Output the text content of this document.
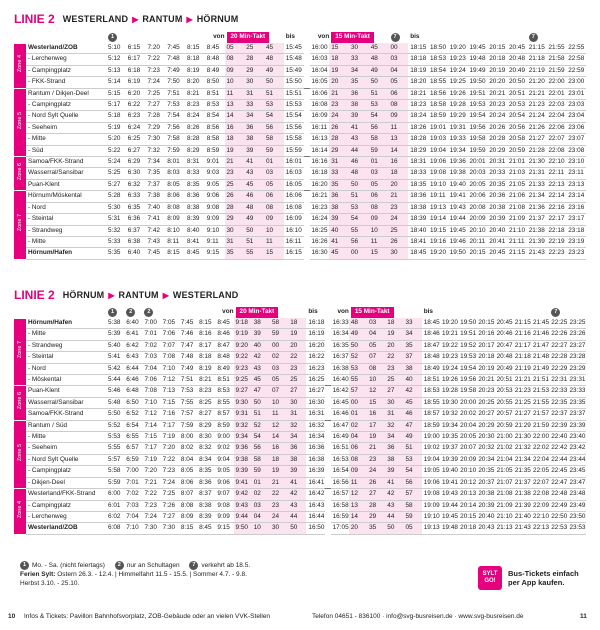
LINIE 2 WESTERLAND ▶ RANTUM ▶ HÖRNUM
		1					von	20 Min-Takt			bis		von	15 Min-Takt			7	bis						7		
Zone 4	Westerland/ZOB	5:10	6:15	7:20	7:45	8:15	8:45	05	25	45	15:45		16:00	15	30	45	00	18:15	18:50	19:20	19:45	20:15	20:45	21:15	21:55	22:55
	- Lerchenweg	5:12	6:17	7:22	7:48	8:18	8:48	08	28	48	15:48		16:03	18	33	48	03	18:18	18:53	19:23	19:48	20:18	20:48	21:18	21:58	22:58
	- Campingplatz	5:13	6:18	7:23	7:49	8:19	8:49	09	29	49	15:49		16:04	19	34	49	04	18:19	18:54	19:24	19:49	20:19	20:49	21:19	21:59	22:59
	- FKK-Strand	5:14	6:19	7:24	7:50	8:20	8:50	10	30	50	15:50		16:05	20	35	50	05	18:20	18:55	19:25	19:50	20:20	20:50	21:20	22:00	23:00
Zone 5	Rantum / Dikjen-Deel	5:15	6:20	7:25	7:51	8:21	8:51	11	31	51	15:51		16:06	21	36	51	06	18:21	18:56	19:26	19:51	20:21	20:51	21:21	22:01	23:01
	- Campingplatz	5:17	6:22	7:27	7:53	8:23	8:53	13	33	53	15:53		16:08	23	38	53	08	18:23	18:58	19:28	19:53	20:23	20:53	21:23	22:03	23:03
	- Nord Sylt Quelle	5:18	6:23	7:28	7:54	8:24	8:54	14	34	54	15:54		16:09	24	39	54	09	18:24	18:59	19:29	19:54	20:24	20:54	21:24	22:04	23:04
	- Seeheim	5:19	6:24	7:29	7:56	8:26	8:56	16	36	56	15:56		16:11	26	41	56	11	18:26	19:01	19:31	19:56	20:26	20:56	21:26	22:06	23:06
	- Mitte	5:20	6:25	7:30	7:58	8:28	8:58	18	38	58	15:58		16:13	28	43	58	13	18:28	19:03	19:33	19:58	20:28	20:58	21:27	22:07	23:07
	- Süd	5:22	6:27	7:32	7:59	8:29	8:59	19	39	59	15:59		16:14	29	44	59	14	18:29	19:04	19:34	19:59	20:29	20:59	21:28	22:08	23:08
Zone 6	Samoa/FKK-Strand	5:24	6:29	7:34	8:01	8:31	9:01	21	41	01	16:01		16:16	31	46	01	16	18:31	19:06	19:36	20:01	20:31	21:01	21:30	22:10	23:10
	Wasserral/Sansibar	5:25	6:30	7:35	8:03	8:33	9:03	23	43	03	16:03		16:18	33	48	03	18	18:33	19:08	19:38	20:03	20:33	21:03	21:31	22:11	23:11
	Puan-Klent	5:27	6:32	7:37	8:05	8:35	9:05	25	45	05	16:05		16:20	35	50	05	20	18:35	19:10	19:40	20:05	20:35	21:05	21:33	22:13	23:13
Zone 7	Hörnum/Möskental	5:28	6:33	7:38	8:06	8:36	9:06	26	46	06	16:06		16:21	36	51	06	21	18:36	19:11	19:41	20:06	20:36	21:06	21:34	22:14	23:14
	- Nord	5:30	6:35	7:40	8:08	8:38	9:08	28	48	08	16:08		16:23	38	53	08	23	18:38	19:13	19:43	20:08	20:38	21:08	21:36	22:16	23:16
	- Steintal	5:31	6:36	7:41	8:09	8:39	9:09	29	49	09	16:09		16:24	39	54	09	24	18:39	19:14	19:44	20:09	20:39	21:09	21:37	22:17	23:17
	- Strandweg	5:32	6:37	7:42	8:10	8:40	9:10	30	50	10	16:10		16:25	40	55	10	25	18:40	19:15	19:45	20:10	20:40	21:10	21:38	22:18	23:18
	- Mitte	5:33	6:38	7:43	8:11	8:41	9:11	31	51	11	16:11		16:26	41	56	11	26	18:41	19:16	19:46	20:11	20:41	21:11	21:39	22:19	23:19
	Hörnum/Hafen	5:35	6:40	7:45	8:15	8:45	9:15	35	55	15	16:15		16:30	45	00	15	30	18:45	19:20	19:50	20:15	20:45	21:15	21:43	22:23	23:23
LINIE 2 HÖRNUM ▶ RANTUM ▶ WESTERLAND
		1	2	2				von	20 Min-Takt				bis		von	15 Min-Takt				bis							7	
Zone 7	Hörnum/Hafen	5:38	6:40	7:00	7:05	7:45	8:15	8:45	9:18	38	58	18	16:18		16:33	48	03	18	33	18:45	19:20	19:50	20:15	20:45	21:15	21:45	22:25	23:25
	- Mitte	5:39	6:41	7:01	7:06	7:46	8:16	8:46	9:19	39	59	19	16:19		16:34	49	04	19	34	18:46	19:21	19:51	20:16	20:46	21:16	21:46	22:26	23:26
	- Strandweg	5:40	6:42	7:02	7:07	7:47	8:17	8:47	9:20	40	00	20	16:20		16:35	50	05	20	35	18:47	19:22	19:52	20:17	20:47	21:17	21:47	22:27	23:27
	- Steintal	5:41	6:43	7:03	7:08	7:48	8:18	8:48	9:22	42	02	22	16:22		16:37	52	07	22	37	18:48	19:23	19:53	20:18	20:48	21:18	21:48	22:28	23:28
	- Nord	5:42	6:44	7:04	7:10	7:49	8:19	8:49	9:23	43	03	23	16:23		16:38	53	08	23	38	18:49	19:24	19:54	20:19	20:49	21:19	21:49	22:29	23:29
	- Möskental	5:44	6:46	7:06	7:12	7:51	8:21	8:51	9:25	45	05	25	16:25		16:40	55	10	25	40	18:51	19:26	19:56	20:21	20:51	21:21	21:51	22:31	23:31
Zone 6	Puan-Klent	5:46	6:48	7:08	7:13	7:53	8:23	8:53	9:27	47	07	27	16:27		16:42	57	12	27	42	18:53	19:28	19:58	20:23	20:53	21:23	21:53	22:33	23:33
	Wasserral/Sansibar	5:48	6:50	7:10	7:15	7:55	8:25	8:55	9:30	50	10	30	16:30		16:45	00	15	30	45	18:55	19:30	20:00	20:25	20:55	21:25	21:55	22:35	23:35
	Samoa/FKK-Strand	5:50	6:52	7:12	7:16	7:57	8:27	8:57	9:31	51	11	31	16:31		16:46	01	16	31	46	18:57	19:32	20:02	20:27	20:57	21:27	21:57	22:37	23:37
Zone 5	Rantum / Süd	5:52	6:54	7:14	7:17	7:59	8:29	8:59	9:32	52	12	32	16:32		16:47	02	17	32	47	18:59	19:34	20:04	20:29	20:59	21:29	21:59	22:39	23:39
	- Mitte	5:53	6:55	7:15	7:19	8:00	8:30	9:00	9:34	54	14	34	16:34		16:49	04	19	34	49	19:00	19:35	20:05	20:30	21:00	21:30	22:00	22:40	23:40
	- Seeheim	5:55	6:57	7:17	7:20	8:02	8:32	9:02	9:36	56	16	36	16:36		16:51	06	21	36	51	19:02	19:37	20:07	20:32	21:02	21:32	22:02	22:42	23:42
	- Nord Sylt Quelle	5:57	6:59	7:19	7:22	8:04	8:34	9:04	9:38	58	18	38	16:38		16:53	08	23	38	53	19:04	19:39	20:09	20:34	21:04	21:34	22:04	22:44	23:44
	- Campingplatz	5:58	7:00	7:20	7:23	8:05	8:35	9:05	9:39	59	19	39	16:39		16:54	09	24	39	54	19:05	19:40	20:10	20:35	21:05	21:35	22:05	22:45	23:45
	- Dikjen-Deel	5:59	7:01	7:21	7:24	8:06	8:36	9:06	9:41	01	21	41	16:41		16:56	11	26	41	56	19:06	19:41	20:12	20:37	21:07	21:37	22:07	22:47	23:47
Zone 4	Westerland/FKK-Strand	6:00	7:02	7:22	7:25	8:07	8:37	9:07	9:42	02	22	42	16:42		16:57	12	27	42	57	19:08	19:43	20:13	20:38	21:08	21:38	22:08	22:48	23:48
	- Campingplatz	6:01	7:03	7:23	7:26	8:08	8:38	9:08	9:43	03	23	43	16:43		16:58	13	28	43	58	19:09	19:44	20:14	20:39	21:09	21:39	22:09	22:49	23:49
	- Lerchenweg	6:02	7:04	7:24	7:27	8:09	8:39	9:09	9:44	04	24	44	16:44		16:59	14	29	44	59	19:10	19:45	20:15	20:40	21:10	21:40	22:10	22:50	23:50
	Westerland/ZOB	6:08	7:10	7:30	7:30	8:15	8:45	9:15	9:50	10	30	50	16:50		17:05	20	35	50	05	19:13	19:48	20:18	20:43	21:13	21:43	22:13	22:53	23:53
1 Mo. - Sa. (nicht feiertags)
	2 nur an Schultagen
	7 verkehrt ab 18.5.
Ferien Sylt: Ostern 26.3. - 12.4. | Himmelfahrt 11.5 - 15.5. | Sommer 4.7. - 9.8.
Herbst 3.10. - 25.10.
SYLT
GO!
Bus-Tickets einfach
per App kaufen.
10 Infos & Tickets: Pavillon Bahnhofsvorplatz, ZOB-Gebäude oder an vielen VVK-Stellen	Telefon 04651 - 836100 · info@svg-busreisen.de · www.svg-busreisen.de	11
